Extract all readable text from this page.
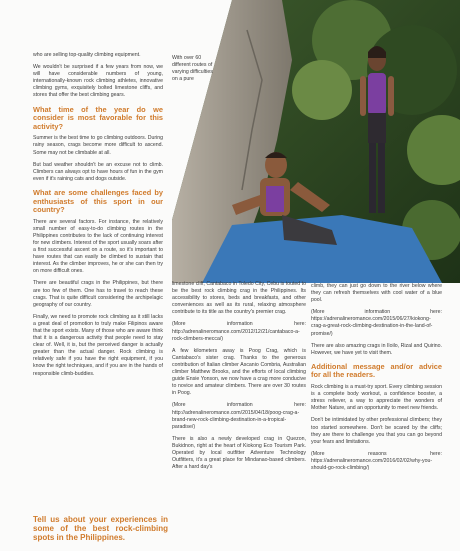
who are selling top-quality climbing equipment.

We wouldn't be surprised if a few years from now, we will have considerable numbers of young, internationally-known rock climbing athletes, innovative climbing gyms, exquisitely bolted limestone cliffs, and stores that offer the best climbing gears.

What time of the year do we consider is most favorable for this activity?

Summer is the best time to go climbing outdoors. During rainy season, crags become more difficult to ascend. Some may not be climbable at all.

But bad weather shouldn't be an excuse not to climb. Climbers can always opt to have hours of fun in the gym even if it's raining cats and dogs outside.

What are some challenges faced by enthusiasts of this sport in our country?

There are several factors. For instance, the relatively small number of easy-to-do climbing routes in the Philippines contributes to the lack of continuing interest for new climbers. Interest of the sport usually soars after a first successful ascent on a route, so it's important to have routes that can easily be climbed to sustain that interest. As the climber improves, he or she can then try on more difficult ones.

There are beautiful crags in the Philippines, but there are too few of them. One has to travel to reach these crags. That is quite difficult considering the archipelagic geography of our country.

Finally, we need to promote rock climbing as it still lacks a great deal of promotion to truly make Filipinos aware that the sport exists. Many of those who are aware think that it is a dangerous activity that people need to stay clear of. Well, it is, but the perceived danger is actually greater than the actual danger. Rock climbing is relatively safe if you have the right equipment, if you know the right techniques, and if you are in the hands of responsible climb-buddies.

Tell us about your experiences in some of the best rock-climbing spots in the Philippines.

With over 60 different routes of varying difficulties on a pure

limestone cliff, Cantabaco in Toledo City, Cebu is touted to be the best rock climbing crag in the Philippines. Its accessibility to stores, beds and breakfasts, and other conveniences as well as its rural, relaxing atmosphere contribute to its title as the country's premier crag.

(More information here: http://adrenalineromance.com/2012/12/21/cantabaco-a-rock-climbers-mecca/)

A few kilometers away is Poog Crag, which is Cantabaco's sister crag. Thanks to the generous contribution of Italian climber Ascanio Combria, Australian climber Matthew Brooks, and the efforts of local climbing guide Ensie Yonson, we now have a crag more conducive to novice and amateur climbers. There are over 30 routes in Poog.

(More information here: http://adrenalineromance.com/2015/04/18/poog-crag-a-brand-new-rock-climbing-destination-in-a-tropical-paradise/)

There is also a newly developed crag in Quezon, Bukidnon, right at the heart of Kiokong Eco Tourism Park. Operated by local outfitter Adventure Technology Outfitters, it's a great place for Mindanao-based climbers. After a hard day's

climb, they can just go down to the river below where they can refresh themselves with cool water of a blue pool.

(More information here: https://adrenalineromance.com/2015/06/27/kiokong-crag-a-great-rock-climbing-destination-in-the-land-of-promise/)

There are also amazing crags in Iloilo, Rizal and Quirino. However, we have yet to visit them.

Additional message and/or advice for all the readers.

Rock climbing is a must-try sport. Every climbing session is a complete body workout, a confidence booster, a stress reliever, a way to appreciate the wonders of Mother Nature, and an opportunity to meet new friends.

Don't be intimidated by other professional climbers; they too started somewhere. Don't be scared by the cliffs; they are there to challenge you that you can go beyond your fears and limitations.

(More reasons here: https://adrenalineromance.com/2016/02/02/why-you-should-go-rock-climbing/)
